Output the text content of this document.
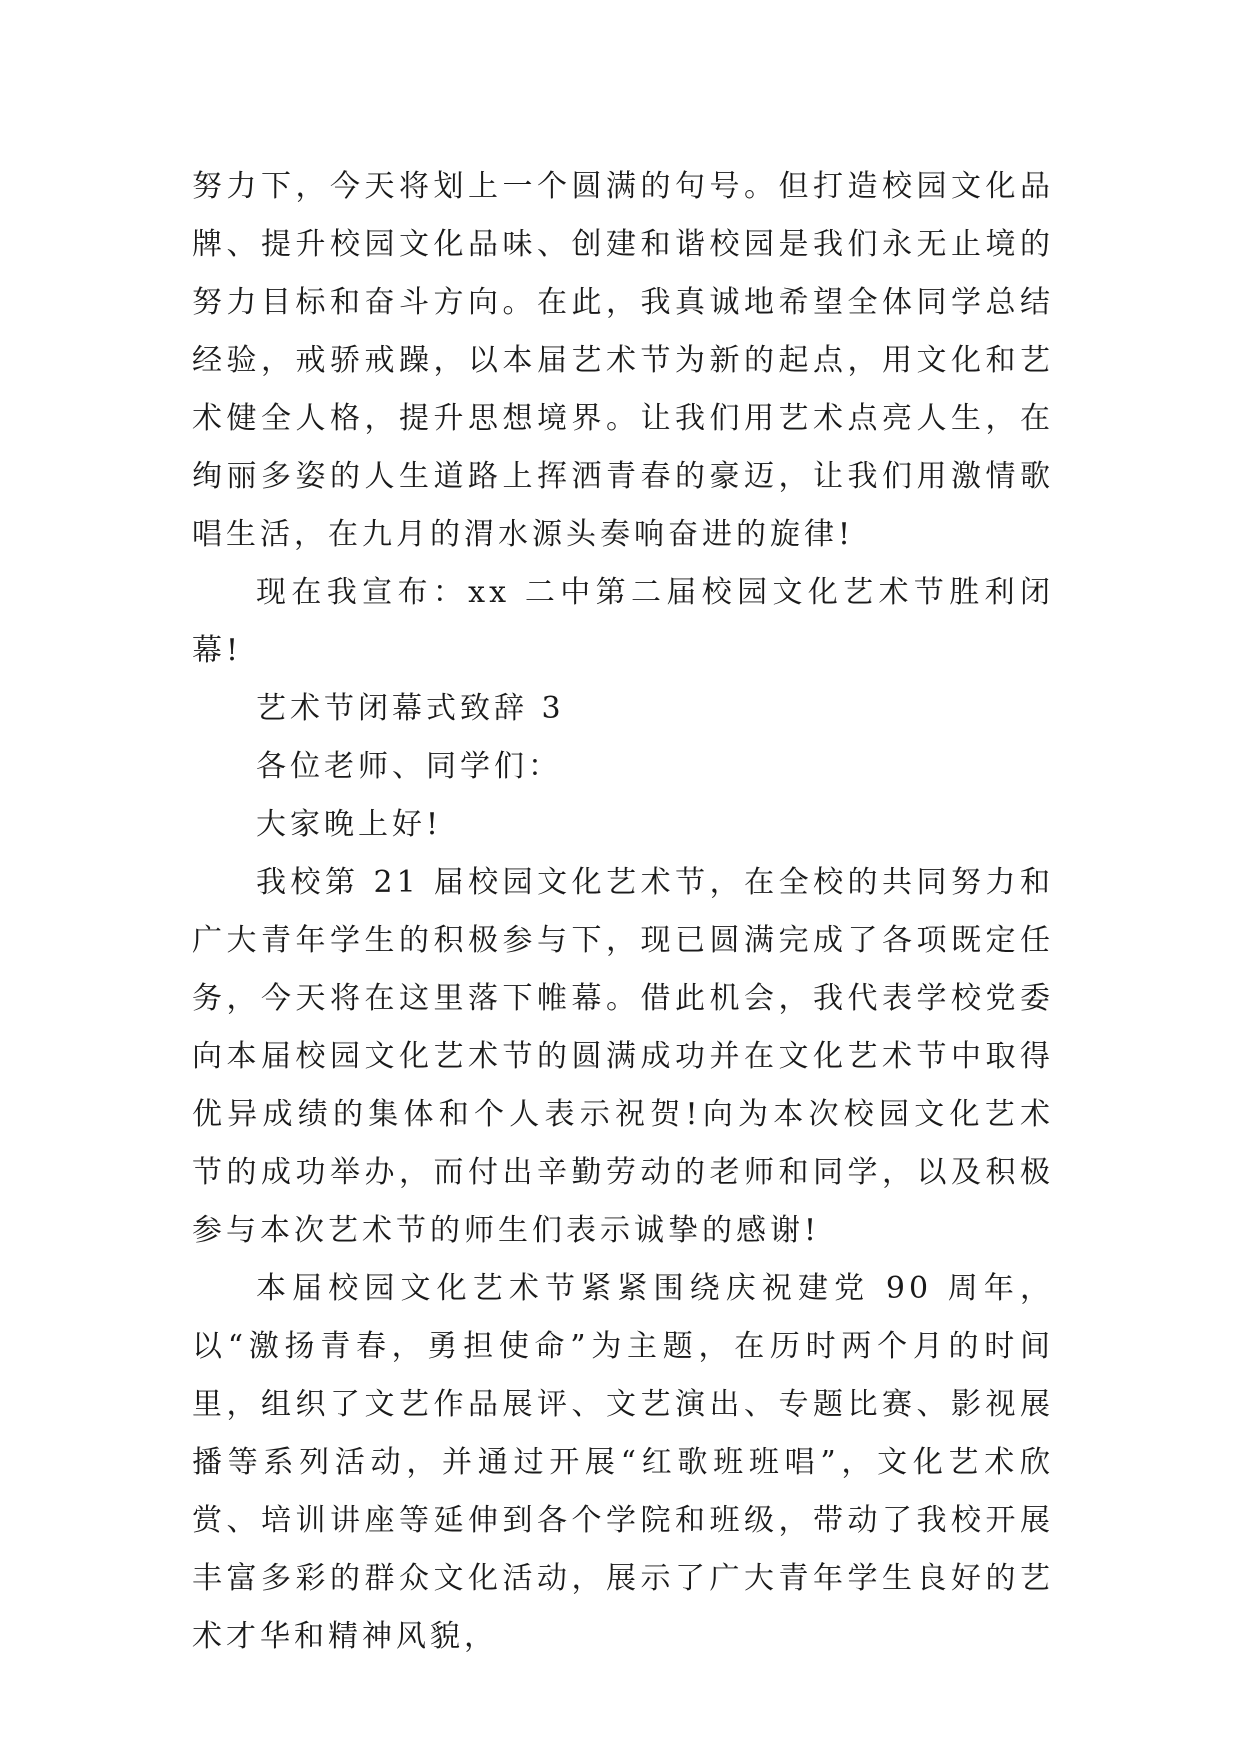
努力下，今天将划上一个圆满的句号。但打造校园文化品牌、提升校园文化品味、创建和谐校园是我们永无止境的努力目标和奋斗方向。在此，我真诚地希望全体同学总结经验，戒骄戒躁，以本届艺术节为新的起点，用文化和艺术健全人格，提升思想境界。让我们用艺术点亮人生，在绚丽多姿的人生道路上挥洒青春的豪迈，让我们用激情歌唱生活，在九月的渭水源头奏响奋进的旋律!

现在我宣布：xx 二中第二届校园文化艺术节胜利闭幕!

艺术节闭幕式致辞 3

各位老师、同学们：

大家晚上好!

我校第 21 届校园文化艺术节，在全校的共同努力和广大青年学生的积极参与下，现已圆满完成了各项既定任务，今天将在这里落下帷幕。借此机会，我代表学校党委向本届校园文化艺术节的圆满成功并在文化艺术节中取得优异成绩的集体和个人表示祝贺!向为本次校园文化艺术节的成功举办，而付出辛勤劳动的老师和同学，以及积极参与本次艺术节的师生们表示诚挚的感谢!

本届校园文化艺术节紧紧围绕庆祝建党 90 周年，以“激扬青春，勇担使命”为主题，在历时两个月的时间里，组织了文艺作品展评、文艺演出、专题比赛、影视展播等系列活动，并通过开展“红歌班班唱”，文化艺术欣赏、培训讲座等延伸到各个学院和班级，带动了我校开展丰富多彩的群众文化活动，展示了广大青年学生良好的艺术才华和精神风貌，
